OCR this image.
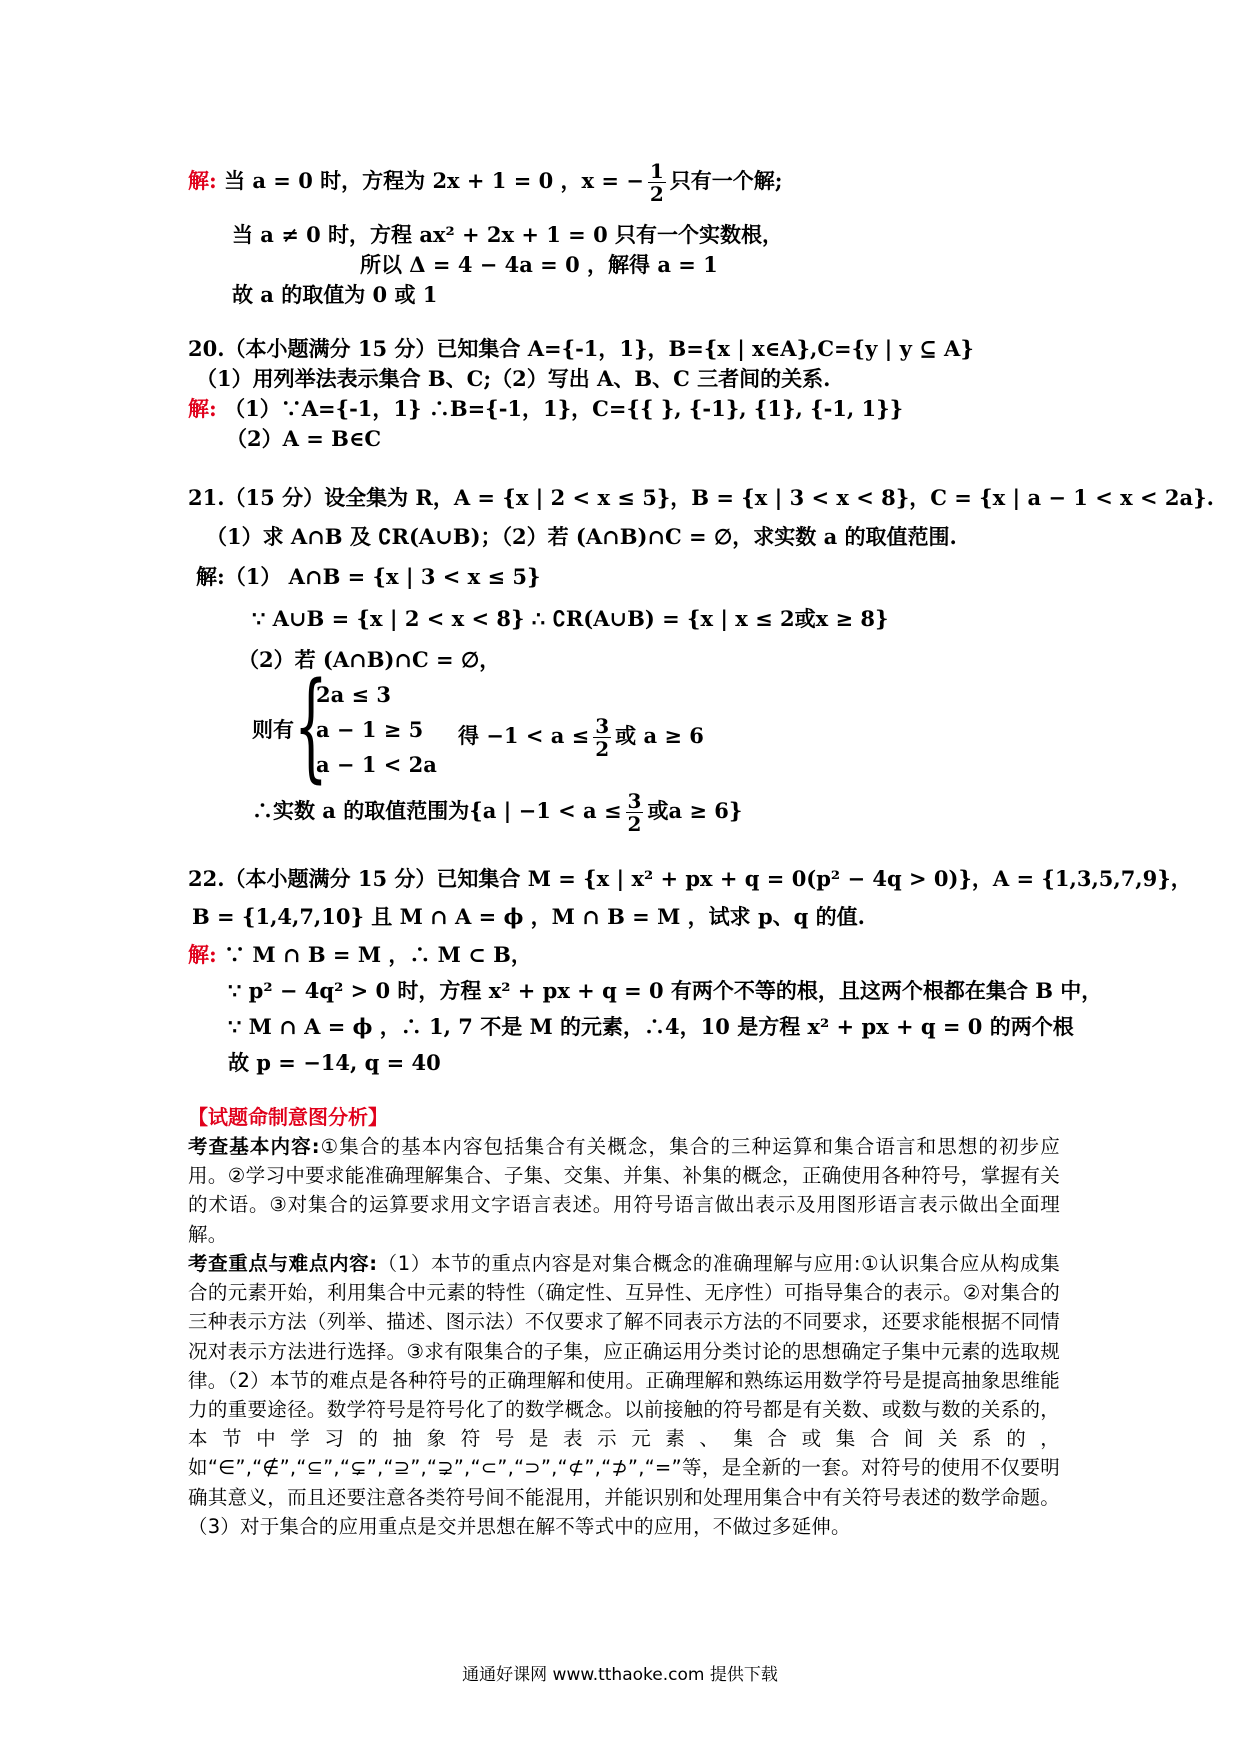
解: 当 a = 0 时，方程为 2x + 1 = 0 ，x = − $\frac{1}{2}$ 只有一个解;
当 a ≠ 0 时，方程 ax² + 2x + 1 = 0 只有一个实数根，
所以 Δ = 4 − 4a = 0 ，解得 a = 1
故 a 的取值为 0 或 1
20.（本小题满分 15 分）已知集合 A={-1，1}，B={x | x∈A},C={y | y ⊆ A}
（1）用列举法表示集合 B、C;（2）写出 A、B、C 三者间的关系.
解: （1）∵A={-1，1} ∴B={-1，1}，C={{ }, {-1}, {1}, {-1, 1}}
（2）A = B∈C
21.（15 分）设全集为 R，A = {x | 2 < x ≤ 5}，B = {x | 3 < x < 8}，C = {x | a − 1 < x < 2a}.
（1）求 A∩B 及 ∁R(A∪B)；（2）若 (A∩B)∩C = ∅，求实数 a 的取值范围.
解:（1） A∩B = {x | 3 < x ≤ 5}
∵ A∪B = {x | 2 < x < 8} ∴ ∁R(A∪B) = {x | x ≤ 2或x ≥ 8}
（2）若 (A∩B)∩C = ∅，
则有 {
2a ≤ 3
a − 1 ≥ 5
a − 1 < 2a
得 $-1 < a \le \frac{3}{2}$ 或 a ≥ 6
∴实数 a 的取值范围为{a | $-1 < a \le \frac{3}{2}$ 或a ≥ 6}
22.（本小题满分 15 分）已知集合 M = {x | x² + px + q = 0(p² − 4q > 0)}，A = {1,3,5,7,9}，
B = {1,4,7,10} 且 M ∩ A = ϕ ，M ∩ B = M ，试求 p、q 的值.
解: ∵ M ∩ B = M ，∴ M ⊂ B，
∵ p² − 4q² > 0 时，方程 x² + px + q = 0 有两个不等的根，且这两个根都在集合 B 中，
∵ M ∩ A = ϕ ，∴ 1, 7 不是 M 的元素，∴4，10 是方程 x² + px + q = 0 的两个根
故 p = −14, q = 40
【试题命制意图分析】
考查基本内容:①集合的基本内容包括集合有关概念，集合的三种运算和集合语言和思想的初步应用。②学习中要求能准确理解集合、子集、交集、并集、补集的概念，正确使用各种符号，掌握有关的术语。③对集合的运算要求用文字语言表述。用符号语言做出表示及用图形语言表示做出全面理解。
考查重点与难点内容:（1）本节的重点内容是对集合概念的准确理解与应用:①认识集合应从构成集合的元素开始，利用集合中元素的特性（确定性、互异性、无序性）可指导集合的表示。②对集合的三种表示方法（列举、描述、图示法）不仅要求了解不同表示方法的不同要求，还要求能根据不同情况对表示方法进行选择。③求有限集合的子集，应正确运用分类讨论的思想确定子集中元素的选取规律。（2）本节的难点是各种符号的正确理解和使用。正确理解和熟练运用数学符号是提高抽象思维能力的重要途径。数学符号是符号化了的数学概念。以前接触的符号都是有关数、或数与数的关系的，本节中学习的抽象符号是表示元素、集合或集合间关系的，如“∈”,“∉”,“⊆”,“⊊”,“⊇”,“⊋”,“⊂”,“⊃”,“⊄”,“⊅”,“=”等，是全新的一套。对符号的使用不仅要明确其意义，而且还要注意各类符号间不能混用，并能识别和处理用集合中有关符号表述的数学命题。（3）对于集合的应用重点是交并思想在解不等式中的应用，不做过多延伸。
通通好课网 www.tthaoke.com 提供下载
